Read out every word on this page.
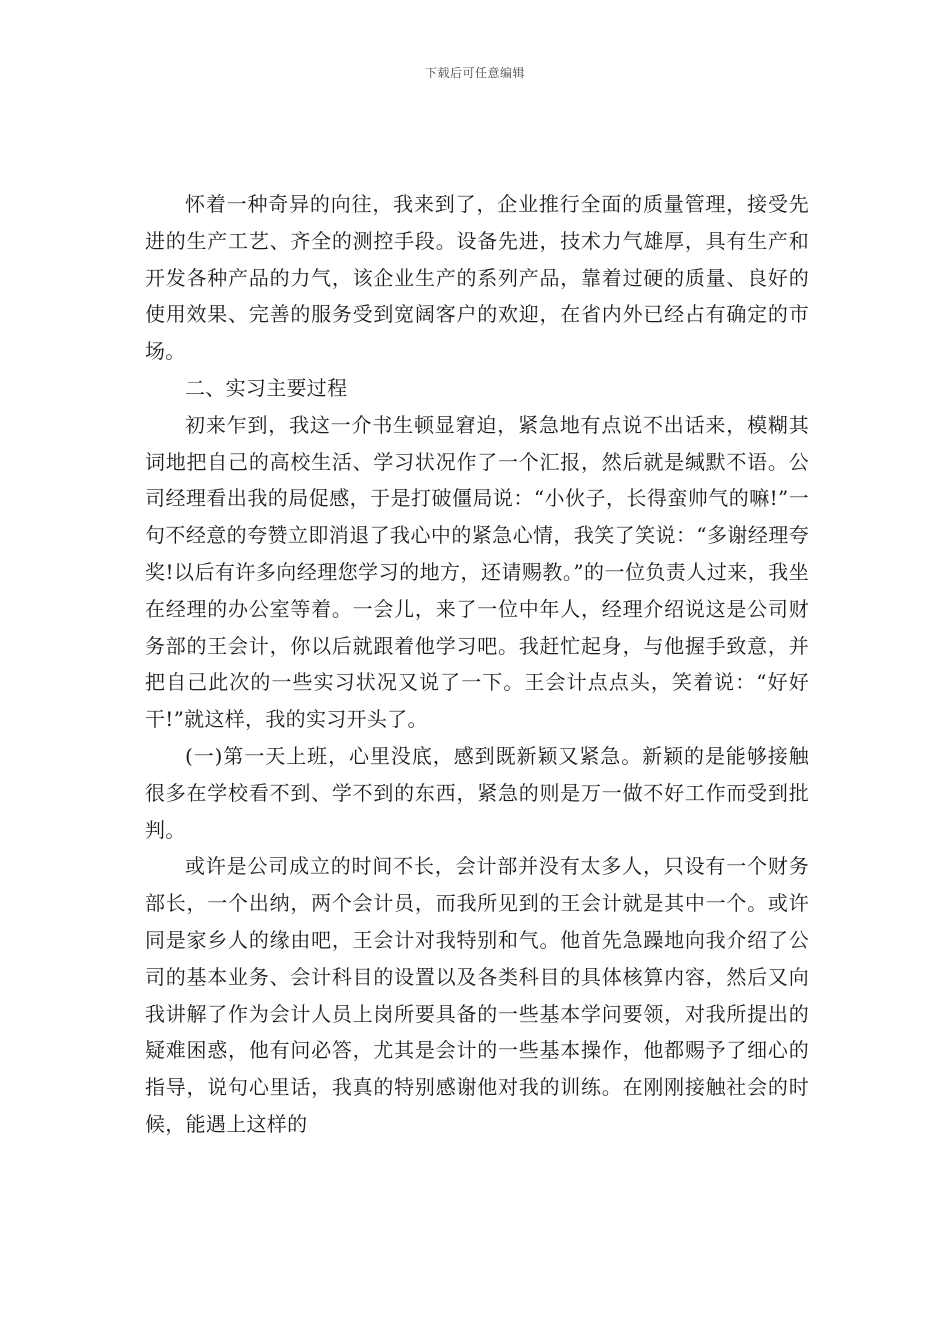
下载后可任意编辑

怀着一种奇异的向往，我来到了，企业推行全面的质量管理，接受先进的生产工艺、齐全的测控手段。设备先进，技术力气雄厚，具有生产和开发各种产品的力气，该企业生产的系列产品，靠着过硬的质量、良好的使用效果、完善的服务受到宽阔客户的欢迎，在省内外已经占有确定的市场。

二、实习主要过程

初来乍到，我这一介书生顿显窘迫，紧急地有点说不出话来，模糊其词地把自己的高校生活、学习状况作了一个汇报，然后就是缄默不语。公司经理看出我的局促感，于是打破僵局说：“小伙子，长得蛮帅气的嘛!”一句不经意的夸赞立即消退了我心中的紧急心情，我笑了笑说：“多谢经理夸奖!以后有许多向经理您学习的地方，还请赐教。”的一位负责人过来，我坐在经理的办公室等着。一会儿，来了一位中年人，经理介绍说这是公司财务部的王会计，你以后就跟着他学习吧。我赶忙起身，与他握手致意，并把自己此次的一些实习状况又说了一下。王会计点点头，笑着说：“好好干!”就这样，我的实习开头了。

(一)第一天上班，心里没底，感到既新颖又紧急。新颖的是能够接触很多在学校看不到、学不到的东西，紧急的则是万一做不好工作而受到批判。

或许是公司成立的时间不长，会计部并没有太多人，只设有一个财务部长，一个出纳，两个会计员，而我所见到的王会计就是其中一个。或许同是家乡人的缘由吧，王会计对我特别和气。他首先急躁地向我介绍了公司的基本业务、会计科目的设置以及各类科目的具体核算内容，然后又向我讲解了作为会计人员上岗所要具备的一些基本学问要领，对我所提出的疑难困惑，他有问必答，尤其是会计的一些基本操作，他都赐予了细心的指导，说句心里话，我真的特别感谢他对我的训练。在刚刚接触社会的时候，能遇上这样的
